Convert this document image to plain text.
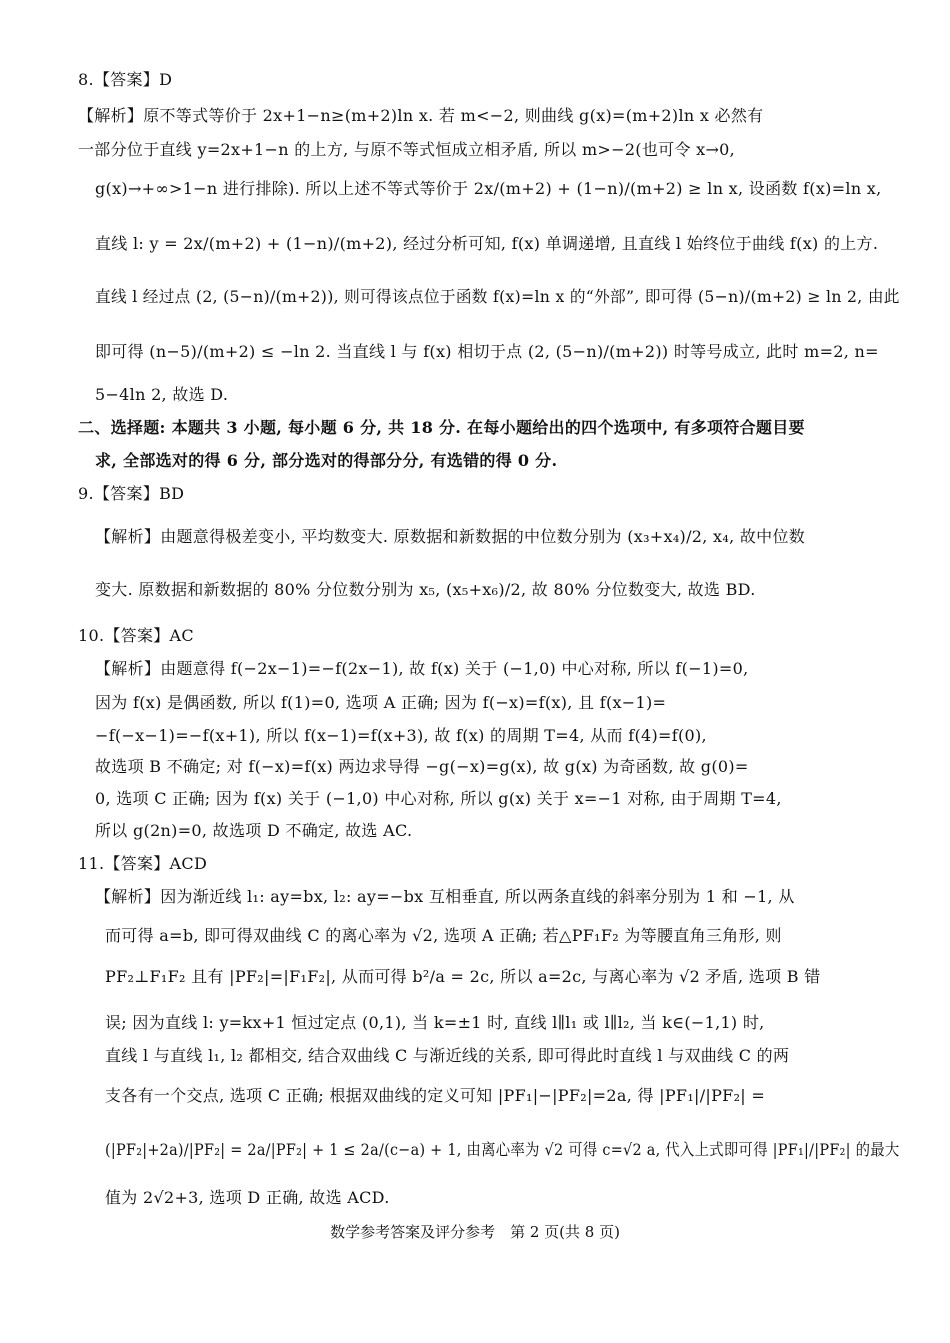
8.【答案】D
【解析】原不等式等价于 2x+1−n≥(m+2)ln x. 若 m<−2, 则曲线 g(x)=(m+2)ln x 必然有
一部分位于直线 y=2x+1−n 的上方, 与原不等式恒成立相矛盾, 所以 m>−2(也可令 x→0,
g(x)→+∞>1−n 进行排除). 所以上述不等式等价于 2x/(m+2) + (1−n)/(m+2) ≥ ln x, 设函数 f(x)=ln x,
直线 l: y = 2x/(m+2) + (1−n)/(m+2), 经过分析可知, f(x) 单调递增, 且直线 l 始终位于曲线 f(x) 的上方.
直线 l 经过点 (2, (5−n)/(m+2)), 则可得该点位于函数 f(x)=ln x 的“外部”, 即可得 (5−n)/(m+2) ≥ ln 2, 由此
即可得 (n−5)/(m+2) ≤ −ln 2. 当直线 l 与 f(x) 相切于点 (2, (5−n)/(m+2)) 时等号成立, 此时 m=2, n=
5−4ln 2, 故选 D.
二、选择题: 本题共 3 小题, 每小题 6 分, 共 18 分. 在每小题给出的四个选项中, 有多项符合题目要
求, 全部选对的得 6 分, 部分选对的得部分分, 有选错的得 0 分.
9.【答案】BD
【解析】由题意得极差变小, 平均数变大. 原数据和新数据的中位数分别为 (x₃+x₄)/2, x₄, 故中位数
变大. 原数据和新数据的 80% 分位数分别为 x₅, (x₅+x₆)/2, 故 80% 分位数变大, 故选 BD.
10.【答案】AC
【解析】由题意得 f(−2x−1)=−f(2x−1), 故 f(x) 关于 (−1,0) 中心对称, 所以 f(−1)=0,
因为 f(x) 是偶函数, 所以 f(1)=0, 选项 A 正确; 因为 f(−x)=f(x), 且 f(x−1)=
−f(−x−1)=−f(x+1), 所以 f(x−1)=f(x+3), 故 f(x) 的周期 T=4, 从而 f(4)=f(0),
故选项 B 不确定; 对 f(−x)=f(x) 两边求导得 −g(−x)=g(x), 故 g(x) 为奇函数, 故 g(0)=
0, 选项 C 正确; 因为 f(x) 关于 (−1,0) 中心对称, 所以 g(x) 关于 x=−1 对称, 由于周期 T=4,
所以 g(2n)=0, 故选项 D 不确定, 故选 AC.
11.【答案】ACD
【解析】因为渐近线 l₁: ay=bx, l₂: ay=−bx 互相垂直, 所以两条直线的斜率分别为 1 和 −1, 从
而可得 a=b, 即可得双曲线 C 的离心率为 √2, 选项 A 正确; 若△PF₁F₂ 为等腰直角三角形, 则
PF₂⊥F₁F₂ 且有 |PF₂|=|F₁F₂|, 从而可得 b²/a = 2c, 所以 a=2c, 与离心率为 √2 矛盾, 选项 B 错
误; 因为直线 l: y=kx+1 恒过定点 (0,1), 当 k=±1 时, 直线 l∥l₁ 或 l∥l₂, 当 k∈(−1,1) 时,
直线 l 与直线 l₁, l₂ 都相交, 结合双曲线 C 与渐近线的关系, 即可得此时直线 l 与双曲线 C 的两
支各有一个交点, 选项 C 正确; 根据双曲线的定义可知 |PF₁|−|PF₂|=2a, 得 |PF₁|/|PF₂| =
(|PF₂|+2a)/|PF₂| = 2a/|PF₂| + 1 ≤ 2a/(c−a) + 1, 由离心率为 √2 可得 c=√2 a, 代入上式即可得 |PF₁|/|PF₂| 的最大
值为 2√2+3, 选项 D 正确, 故选 ACD.
数学参考答案及评分参考　第 2 页(共 8 页)
